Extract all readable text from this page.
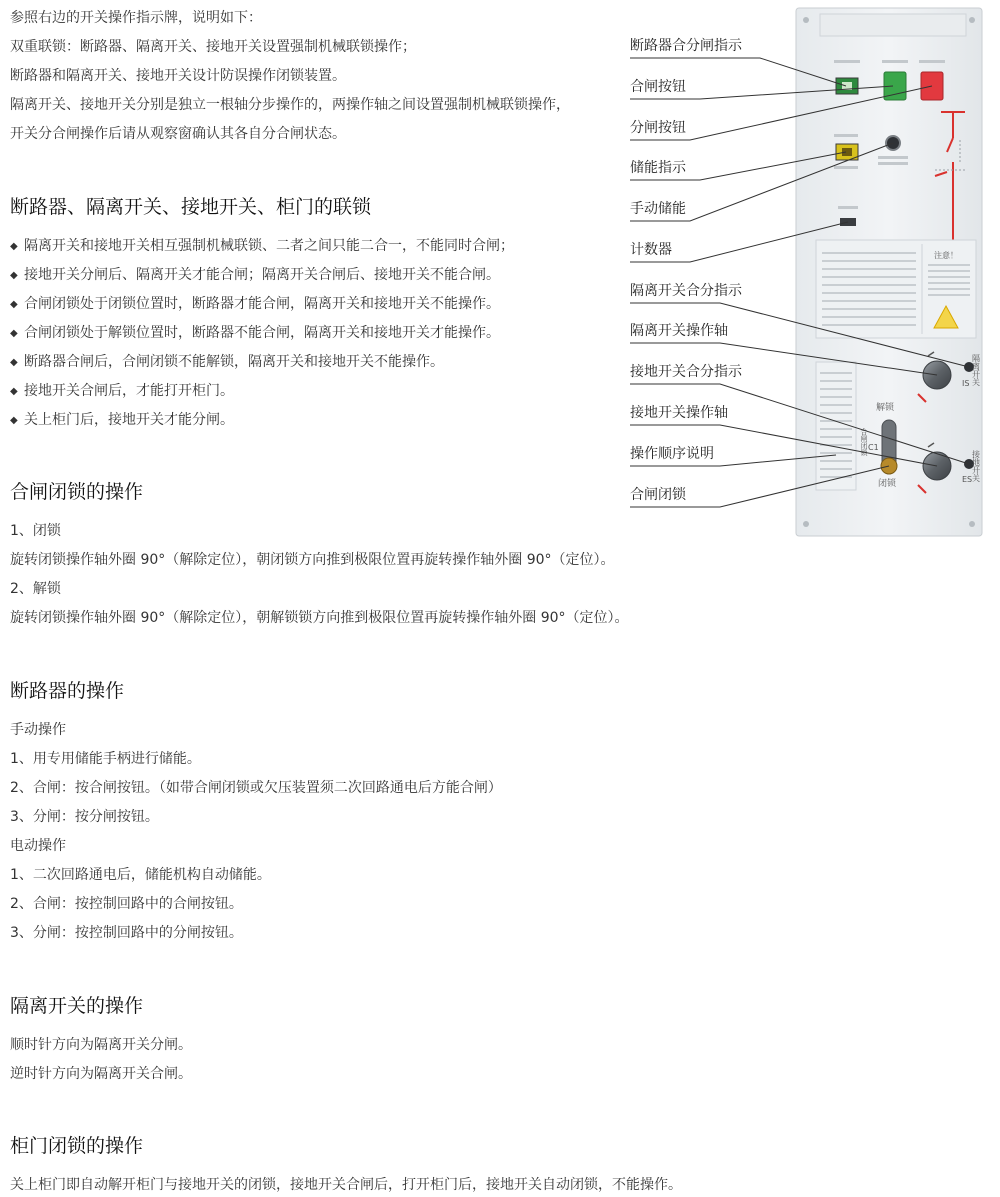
参照右边的开关操作指示牌，说明如下：
双重联锁：断路器、隔离开关、接地开关设置强制机械联锁操作；
断路器和隔离开关、接地开关设计防误操作闭锁装置。
隔离开关、接地开关分别是独立一根轴分步操作的，两操作轴之间设置强制机械联锁操作，
开关分合闸操作后请从观察窗确认其各自分合闸状态。
断路器、隔离开关、接地开关、柜门的联锁
◆ 隔离开关和接地开关相互强制机械联锁、二者之间只能二合一，不能同时合闸；
◆ 接地开关分闸后、隔离开关才能合闸；隔离开关合闸后、接地开关不能合闸。
◆ 合闸闭锁处于闭锁位置时，断路器才能合闸，隔离开关和接地开关不能操作。
◆ 合闸闭锁处于解锁位置时，断路器不能合闸，隔离开关和接地开关才能操作。
◆ 断路器合闸后，合闸闭锁不能解锁，隔离开关和接地开关不能操作。
◆ 接地开关合闸后，才能打开柜门。
◆ 关上柜门后，接地开关才能分闸。
合闸闭锁的操作
1、闭锁
旋转闭锁操作轴外圈 90°（解除定位），朝闭锁方向推到极限位置再旋转操作轴外圈 90°（定位）。
2、解锁
旋转闭锁操作轴外圈 90°（解除定位），朝解锁锁方向推到极限位置再旋转操作轴外圈 90°（定位）。
断路器的操作
手动操作
1、用专用储能手柄进行储能。
2、合闸：按合闸按钮。（如带合闸闭锁或欠压装置须二次回路通电后方能合闸）
3、分闸：按分闸按钮。
电动操作
1、二次回路通电后，储能机构自动储能。
2、合闸：按控制回路中的合闸按钮。
3、分闸：按控制回路中的分闸按钮。
隔离开关的操作
顺时针方向为隔离开关分闸。
逆时针方向为隔离开关合闸。
柜门闭锁的操作
关上柜门即自动解开柜门与接地开关的闭锁，接地开关合闸后，打开柜门后，接地开关自动闭锁，不能操作。
断路器合分闸指示
合闸按钮
分闸按钮
储能指示
手动储能
计数器
隔离开关合分指示
隔离开关操作轴
接地开关合分指示
接地开关操作轴
操作顺序说明
合闸闭锁
注意！
IS 隔离开关
解锁
C1
合闸闭锁
闭锁	ES 接地开关
